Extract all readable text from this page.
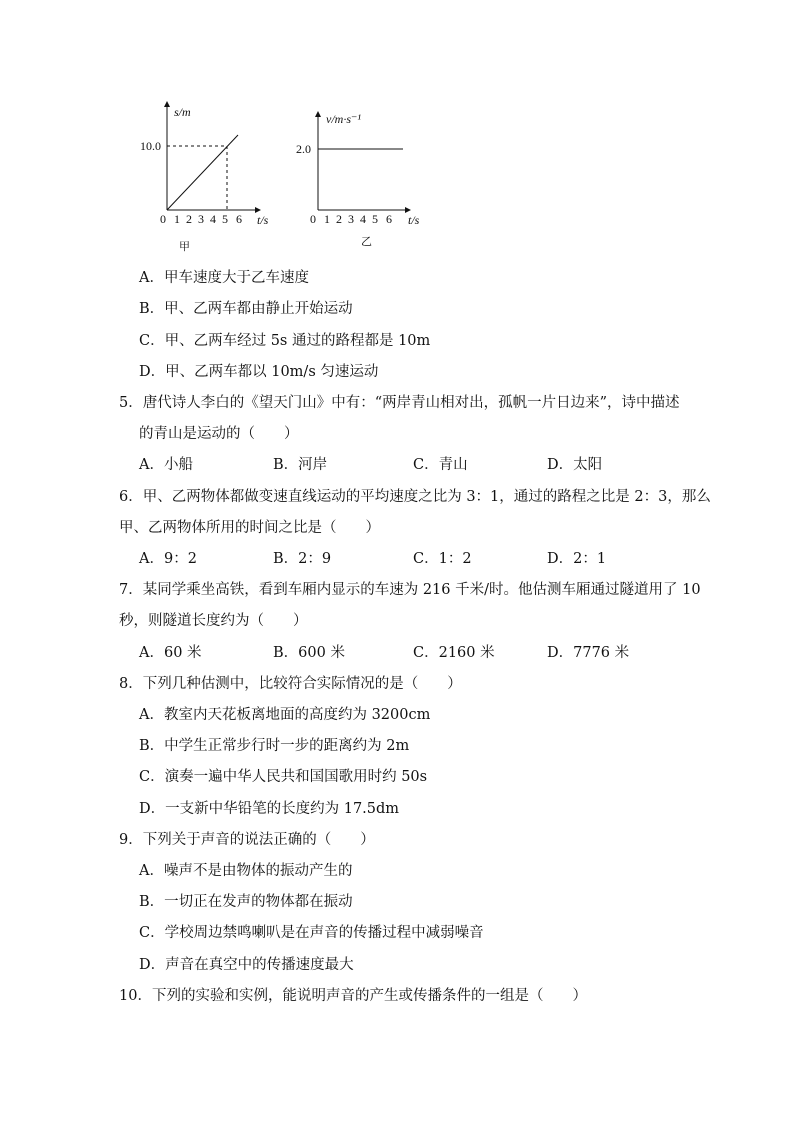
s/m
10.0
0 1 2 3 4 5 6 t/s
甲
v/m·s⁻¹
2.0
0 1 2 3 4 5 6 t/s
乙
A．甲车速度大于乙车速度
B．甲、乙两车都由静止开始运动
C．甲、乙两车经过 5s 通过的路程都是 10m
D．甲、乙两车都以 10m/s 匀速运动
5．唐代诗人李白的《望天门山》中有：“两岸青山相对出，孤帆一片日边来”，诗中描述
的青山是运动的（　　）
A．小船	B．河岸	C．青山	D．太阳
6．甲、乙两物体都做变速直线运动的平均速度之比为 3：1，通过的路程之比是 2：3，那么
甲、乙两物体所用的时间之比是（　　）
A．9：2	B．2：9	C．1：2	D．2：1
7．某同学乘坐高铁，看到车厢内显示的车速为 216 千米/时。他估测车厢通过隧道用了 10
秒，则隧道长度约为（　　）
A．60 米	B．600 米	C．2160 米	D．7776 米
8．下列几种估测中，比较符合实际情况的是（　　）
A．教室内天花板离地面的高度约为 3200cm
B．中学生正常步行时一步的距离约为 2m
C．演奏一遍中华人民共和国国歌用时约 50s
D．一支新中华铅笔的长度约为 17.5dm
9．下列关于声音的说法正确的（　　）
A．噪声不是由物体的振动产生的
B．一切正在发声的物体都在振动
C．学校周边禁鸣喇叭是在声音的传播过程中减弱噪音
D．声音在真空中的传播速度最大
10．下列的实验和实例，能说明声音的产生或传播条件的一组是（　　）
